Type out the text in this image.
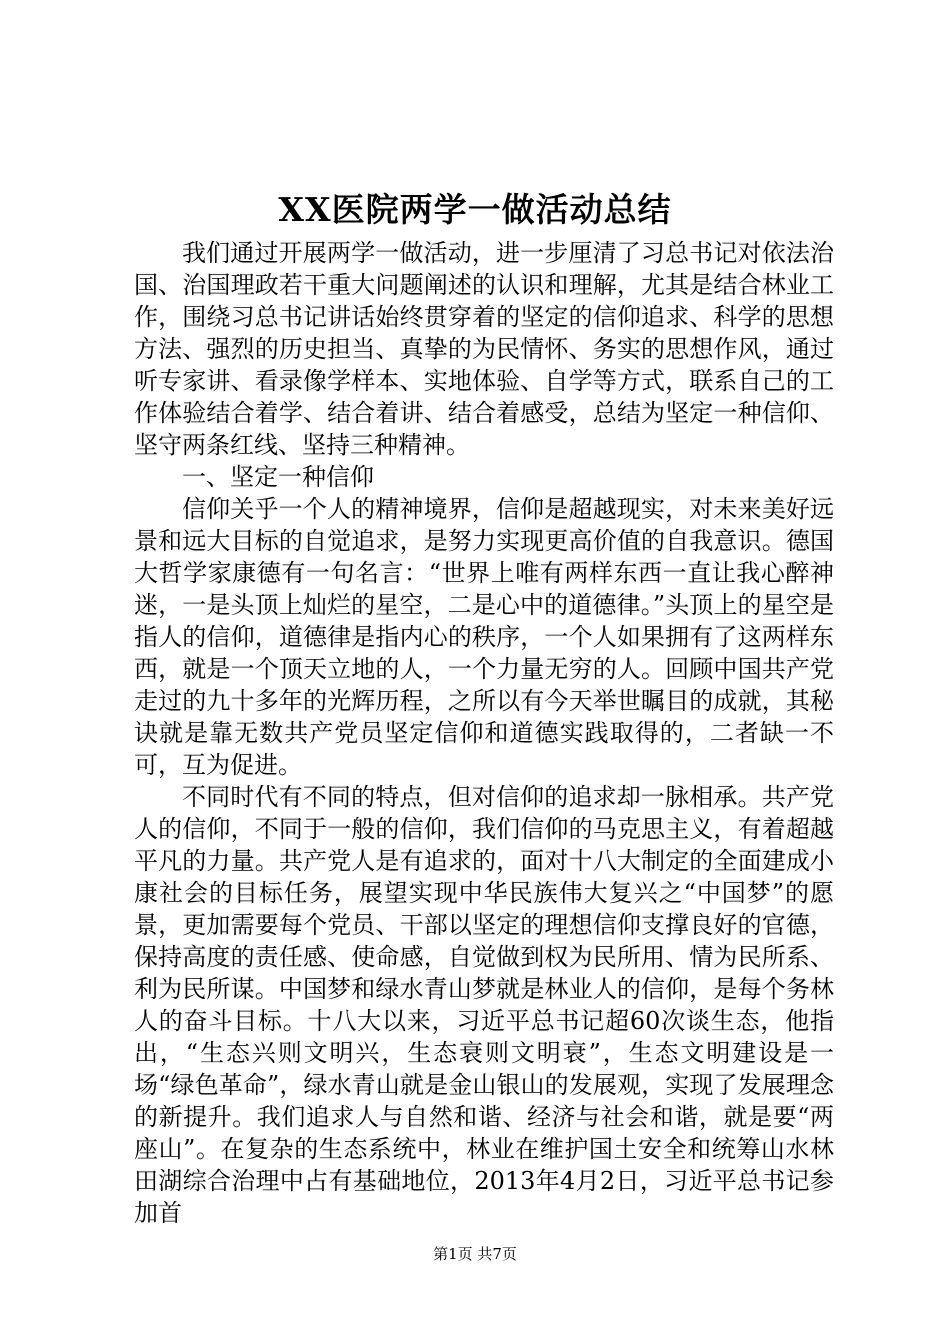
XX医院两学一做活动总结

我们通过开展两学一做活动，进一步厘清了习总书记对依法治国、治国理政若干重大问题阐述的认识和理解，尤其是结合林业工作，围绕习总书记讲话始终贯穿着的坚定的信仰追求、科学的思想方法、强烈的历史担当、真挚的为民情怀、务实的思想作风，通过听专家讲、看录像学样本、实地体验、自学等方式，联系自己的工作体验结合着学、结合着讲、结合着感受，总结为坚定一种信仰、坚守两条红线、坚持三种精神。

一、坚定一种信仰

信仰关乎一个人的精神境界，信仰是超越现实，对未来美好远景和远大目标的自觉追求，是努力实现更高价值的自我意识。德国大哲学家康德有一句名言：“世界上唯有两样东西一直让我心醉神迷，一是头顶上灿烂的星空，二是心中的道德律。”头顶上的星空是指人的信仰，道德律是指内心的秩序，一个人如果拥有了这两样东西，就是一个顶天立地的人，一个力量无穷的人。回顾中国共产党走过的九十多年的光辉历程，之所以有今天举世瞩目的成就，其秘诀就是靠无数共产党员坚定信仰和道德实践取得的，二者缺一不可，互为促进。

不同时代有不同的特点，但对信仰的追求却一脉相承。共产党人的信仰，不同于一般的信仰，我们信仰的马克思主义，有着超越平凡的力量。共产党人是有追求的，面对十八大制定的全面建成小康社会的目标任务，展望实现中华民族伟大复兴之“中国梦”的愿景，更加需要每个党员、干部以坚定的理想信仰支撑良好的官德，保持高度的责任感、使命感，自觉做到权为民所用、情为民所系、利为民所谋。中国梦和绿水青山梦就是林业人的信仰，是每个务林人的奋斗目标。十八大以来，习近平总书记超60次谈生态，他指出，“生态兴则文明兴，生态衰则文明衰”，生态文明建设是一场“绿色革命”，绿水青山就是金山银山的发展观，实现了发展理念的新提升。我们追求人与自然和谐、经济与社会和谐，就是要“两座山”。在复杂的生态系统中，林业在维护国土安全和统筹山水林田湖综合治理中占有基础地位，2013年4月2日，习近平总书记参加首

第1页 共7页
